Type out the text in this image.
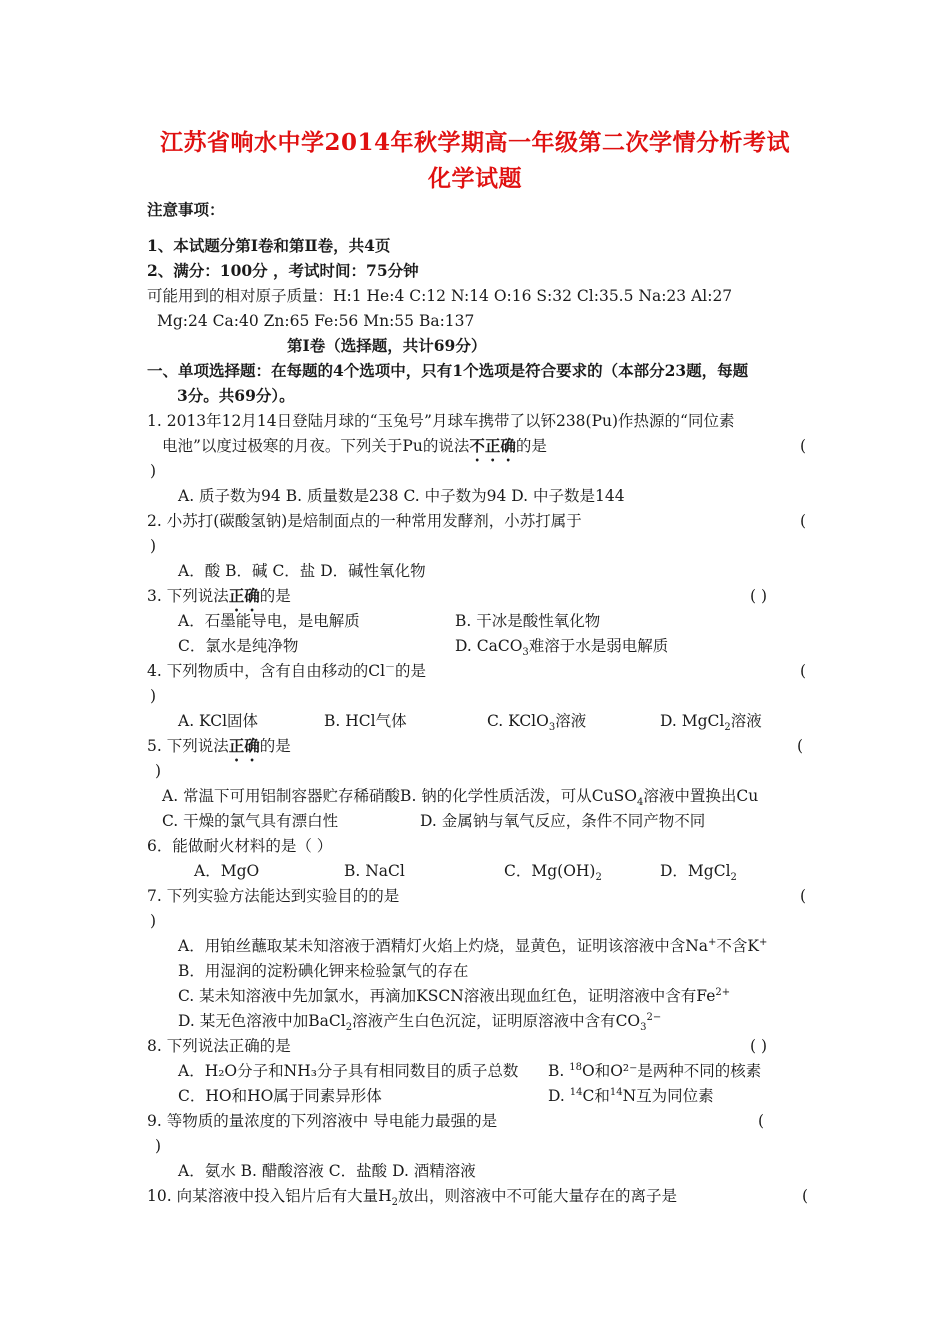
江苏省响水中学2014年秋学期高一年级第二次学情分析考试
化学试题
注意事项：
1、本试题分第Ⅰ卷和第Ⅱ卷，共4页
2、满分：100分 ，考试时间：75分钟
可能用到的相对原子质量：H:1 He:4 C:12 N:14 O:16 S:32 Cl:35.5 Na:23 Al:27
Mg:24 Ca:40 Zn:65 Fe:56 Mn:55 Ba:137
第Ⅰ卷（选择题，共计69分）
一、单项选择题：在每题的4个选项中，只有1个选项是符合要求的（本部分23题，每题
3分。共69分）。
1. 2013年12月14日登陆月球的“玉兔号”月球车携带了以钚238(Pu)作热源的“同位素
电池”以度过极寒的月夜。下列关于Pu的说法不正确的是	(
)
A. 质子数为94 B. 质量数是238 C. 中子数为94 D. 中子数是144
2. 小苏打(碳酸氢钠)是焙制面点的一种常用发酵剂，小苏打属于	(
)
A．酸 B．碱 C．盐 D．碱性氧化物
3. 下列说法正确的是	( )
A．石墨能导电，是电解质	B. 干冰是酸性氧化物
C．氯水是纯净物	D. CaCO$_3$难溶于水是弱电解质
4. 下列物质中，含有自由移动的Cl－的是	(
)
A. KCl固体	B. HCl气体	C. KClO$_3$溶液	D. MgCl$_2$溶液
5. 下列说法正确的是	(
)
A. 常温下可用铝制容器贮存稀硝酸B. 钠的化学性质活泼，可从CuSO$_4$溶液中置换出Cu
C. 干燥的氯气具有漂白性	D. 金属钠与氧气反应，条件不同产物不同
6．能做耐火材料的是（ ）
A．MgO	B. NaCl	C．$Mg(OH)_2$	D．MgCl$_2$
7. 下列实验方法能达到实验目的的是	(
)
A．用铂丝蘸取某未知溶液于酒精灯火焰上灼烧，显黄色，证明该溶液中含Na+不含K+
B．用湿润的淀粉碘化钾来检验氯气的存在
C. 某未知溶液中先加氯水，再滴加KSCN溶液出现血红色，证明溶液中含有$Fe^{2+}$
D. 某无色溶液中加BaCl$_2$溶液产生白色沉淀，证明原溶液中含有$CO_3^{2-}$
8. 下列说法正确的是	( )
A．H₂O分子和NH₃分子具有相同数目的质子总数 B. $^{18}$O和O²⁻是两种不同的核素
C．HO和HO属于同素异形体	D. $^{14}$C和$^{14}$N互为同位素
9. 等物质的量浓度的下列溶液中 导电能力最强的是	(
)
A．氨水 B. 醋酸溶液 C．盐酸 D. 酒精溶液
10. 向某溶液中投入铝片后有大量$H_2$放出，则溶液中不可能大量存在的离子是	(
